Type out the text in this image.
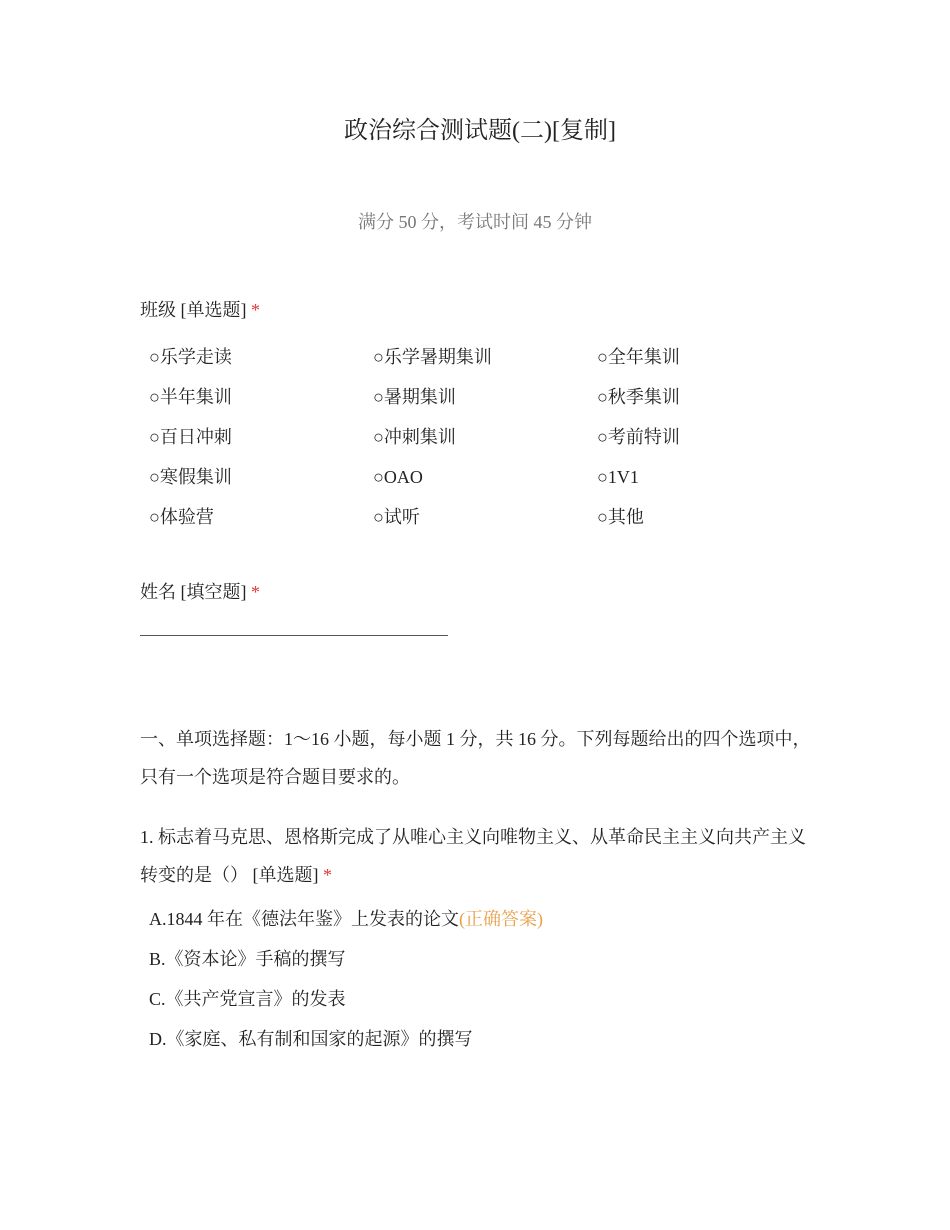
政治综合测试题(二)[复制]
满分 50 分，考试时间 45 分钟
班级 [单选题] *
○乐学走读	○乐学暑期集训	○全年集训
○半年集训	○暑期集训	○秋季集训
○百日冲刺	○冲刺集训	○考前特训
○寒假集训	○OAO	○1V1
○体验营	○试听	○其他
姓名 [填空题] *
一、单项选择题：1～16 小题，每小题 1 分，共 16 分。下列每题给出的四个选项中，只有一个选项是符合题目要求的。
1. 标志着马克思、恩格斯完成了从唯心主义向唯物主义、从革命民主主义向共产主义转变的是（） [单选题] *
A.1844 年在《德法年鉴》上发表的论文(正确答案)
B.《资本论》手稿的撰写
C.《共产党宣言》的发表
D.《家庭、私有制和国家的起源》的撰写
